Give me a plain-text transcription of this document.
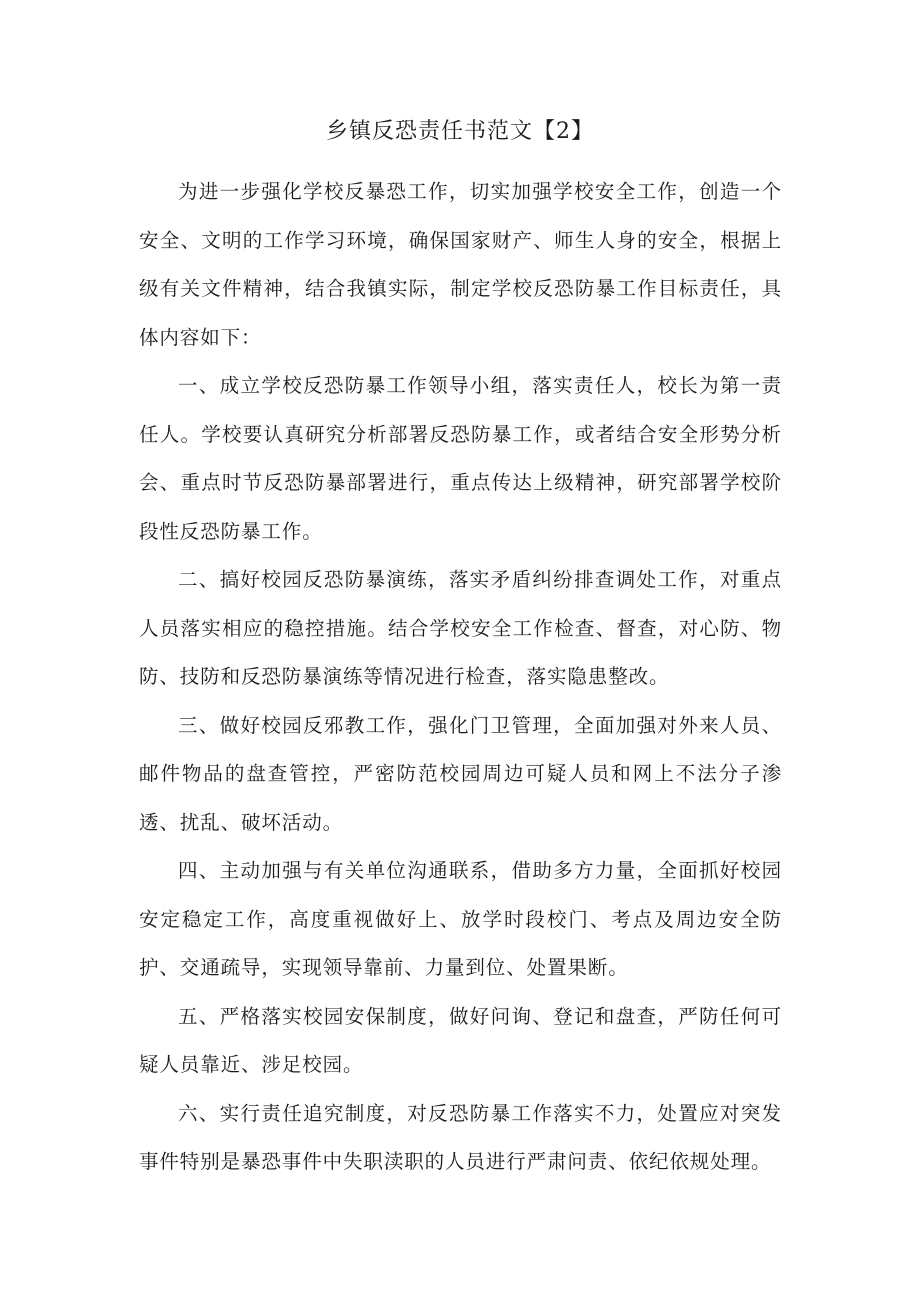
乡镇反恐责任书范文【2】

为进一步强化学校反暴恐工作，切实加强学校安全工作，创造一个安全、文明的工作学习环境，确保国家财产、师生人身的安全，根据上级有关文件精神，结合我镇实际，制定学校反恐防暴工作目标责任，具体内容如下：

一、成立学校反恐防暴工作领导小组，落实责任人，校长为第一责任人。学校要认真研究分析部署反恐防暴工作，或者结合安全形势分析会、重点时节反恐防暴部署进行，重点传达上级精神，研究部署学校阶段性反恐防暴工作。

二、搞好校园反恐防暴演练，落实矛盾纠纷排查调处工作，对重点人员落实相应的稳控措施。结合学校安全工作检查、督查，对心防、物防、技防和反恐防暴演练等情况进行检查，落实隐患整改。

三、做好校园反邪教工作，强化门卫管理，全面加强对外来人员、邮件物品的盘查管控，严密防范校园周边可疑人员和网上不法分子渗透、扰乱、破坏活动。

四、主动加强与有关单位沟通联系，借助多方力量，全面抓好校园安定稳定工作，高度重视做好上、放学时段校门、考点及周边安全防护、交通疏导，实现领导靠前、力量到位、处置果断。

五、严格落实校园安保制度，做好问询、登记和盘查，严防任何可疑人员靠近、涉足校园。

六、实行责任追究制度，对反恐防暴工作落实不力，处置应对突发事件特别是暴恐事件中失职渎职的人员进行严肃问责、依纪依规处理。
